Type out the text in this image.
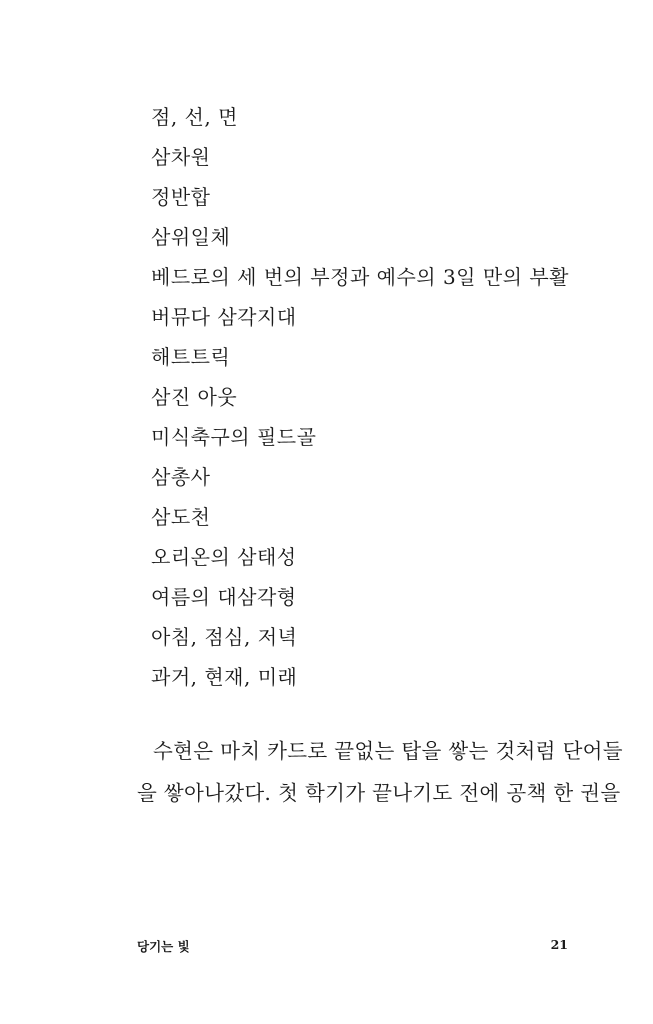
점, 선, 면
삼차원
정반합
삼위일체
베드로의 세 번의 부정과 예수의 3일 만의 부활
버뮤다 삼각지대
해트트릭
삼진 아웃
미식축구의 필드골
삼총사
삼도천
오리온의 삼태성
여름의 대삼각형
아침, 점심, 저녁
과거, 현재, 미래
수현은 마치 카드로 끝없는 탑을 쌓는 것처럼 단어들
을 쌓아나갔다. 첫 학기가 끝나기도 전에 공책 한 권을
당기는 빛	21
